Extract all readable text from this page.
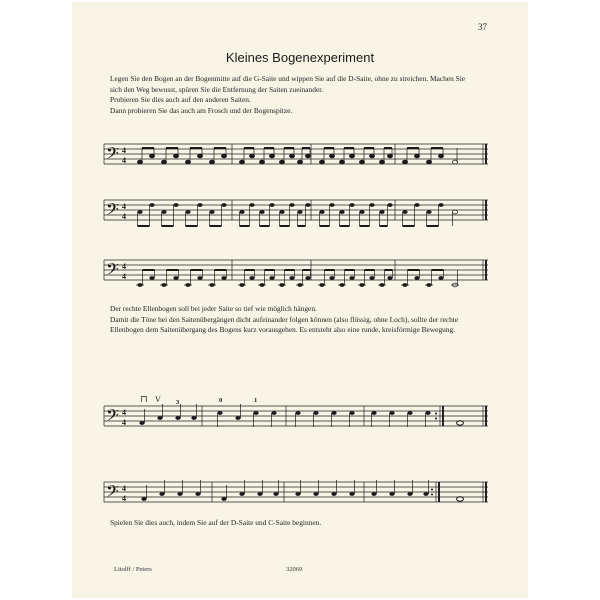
37
Kleines Bogenexperiment

Legen Sie den Bogen an der Bogenmitte auf die G-Saite und wippen Sie auf die D-Saite, ohne zu streichen. Machen Sie

sich den Weg bewusst, spüren Sie die Entfernung der Saiten zueinander.

Probieren Sie dies auch auf den anderen Saiten.

Dann probieren Sie das auch am Frosch und der Bogenspitze.

𝄢 4
4
𝄢 4
4
𝄢 4
4

Der rechte Ellenbogen soll bei jeder Saite so tief wie möglich hängen.

Damit die Töne bei den Saitenübergängen dicht aufeinander folgen können (also flüssig, ohne Loch), sollte der rechte

Ellenbogen dem Saitenübergang des Bogens kurz vorausgehen. Es entsteht also eine runde, kreisförmige Bewegung.

⊓ V 3	0	1
𝄢 4
4
𝄢 4
4

Spielen Sie dies auch, indem Sie auf der D-Saite und C-Saite beginnen.

Litolff / Peters	32069
